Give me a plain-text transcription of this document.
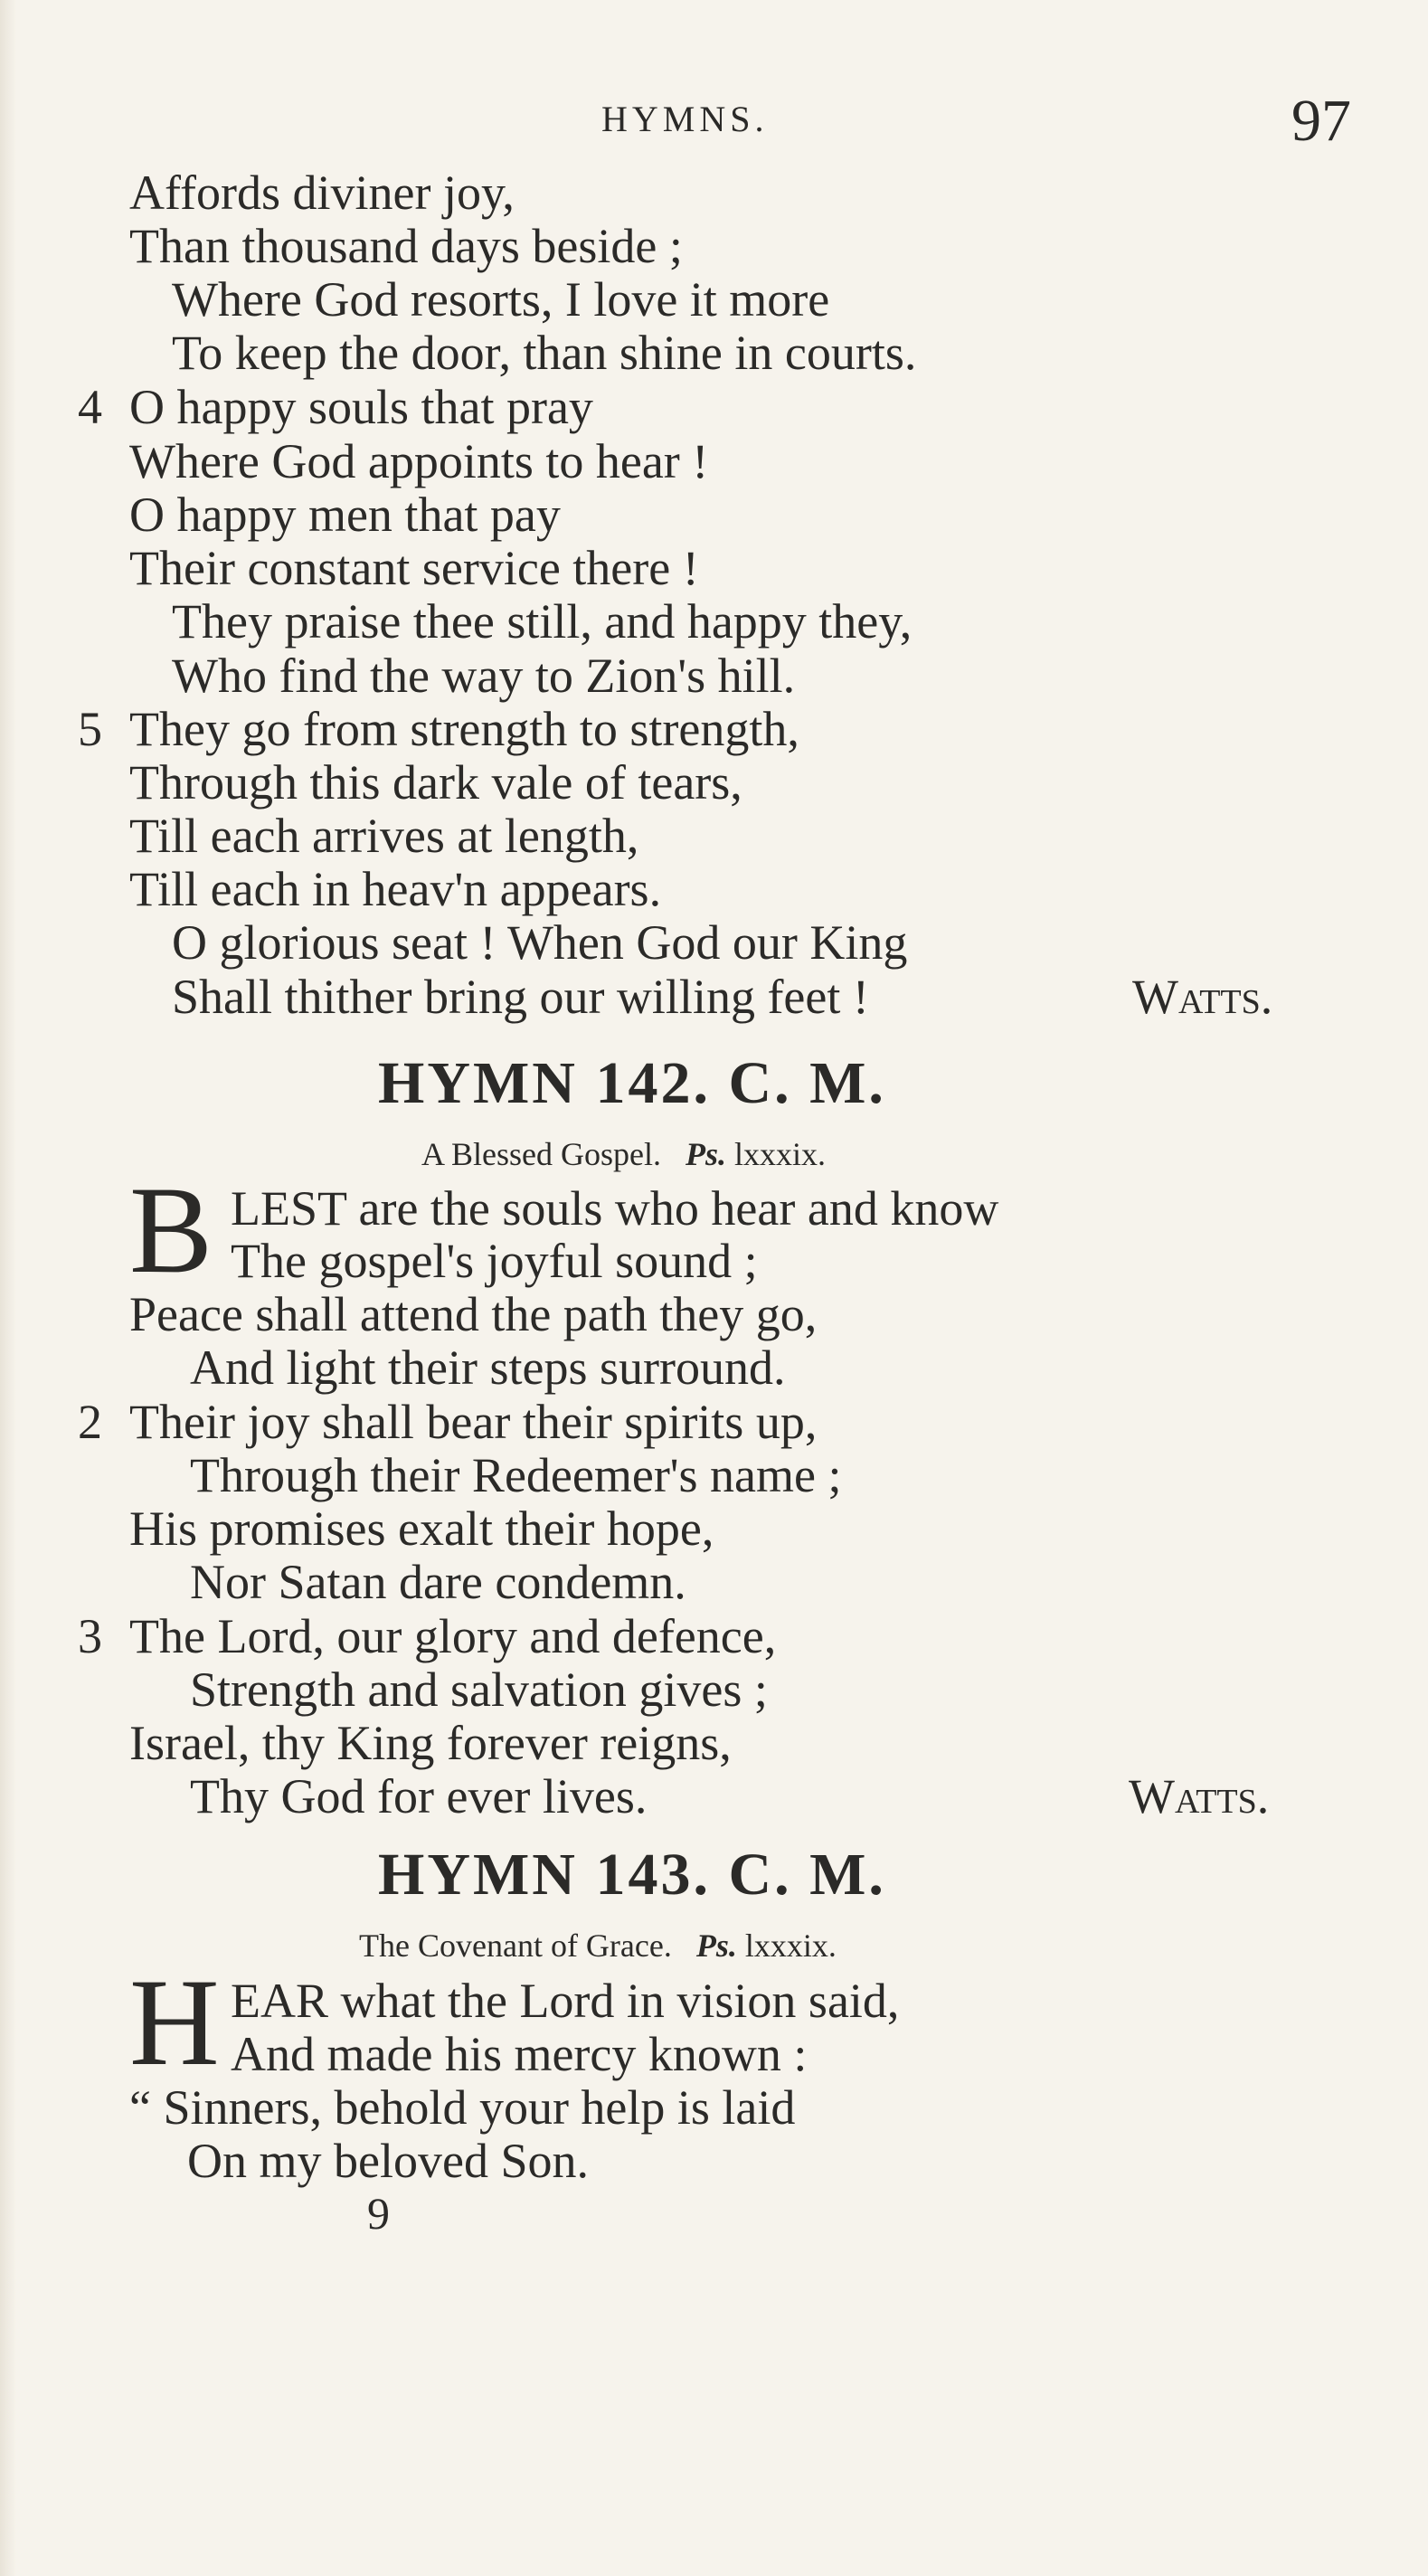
HYMNS.	97
Affords diviner joy,
Than thousand days beside ;
Where God resorts, I love it more
To keep the door, than shine in courts.
4 O happy souls that pray
Where God appoints to hear !
O happy men that pay
Their constant service there !
They praise thee still, and happy they,
Who find the way to Zion's hill.
5 They go from strength to strength,
Through this dark vale of tears,
Till each arrives at length,
Till each in heav'n appears.
O glorious seat ! When God our King
Shall thither bring our willing feet !	Watts.
HYMN 142. C. M.
A Blessed Gospel. Ps. lxxxix.
B LEST are the souls who hear and know
The gospel's joyful sound ;
Peace shall attend the path they go,
And light their steps surround.
2 Their joy shall bear their spirits up,
Through their Redeemer's name ;
His promises exalt their hope,
Nor Satan dare condemn.
3 The Lord, our glory and defence,
Strength and salvation gives ;
Israel, thy King forever reigns,
Thy God for ever lives.	Watts.
HYMN 143. C. M.
The Covenant of Grace. Ps. lxxxix.
H EAR what the Lord in vision said,
And made his mercy known :
“ Sinners, behold your help is laid
On my beloved Son.
9
